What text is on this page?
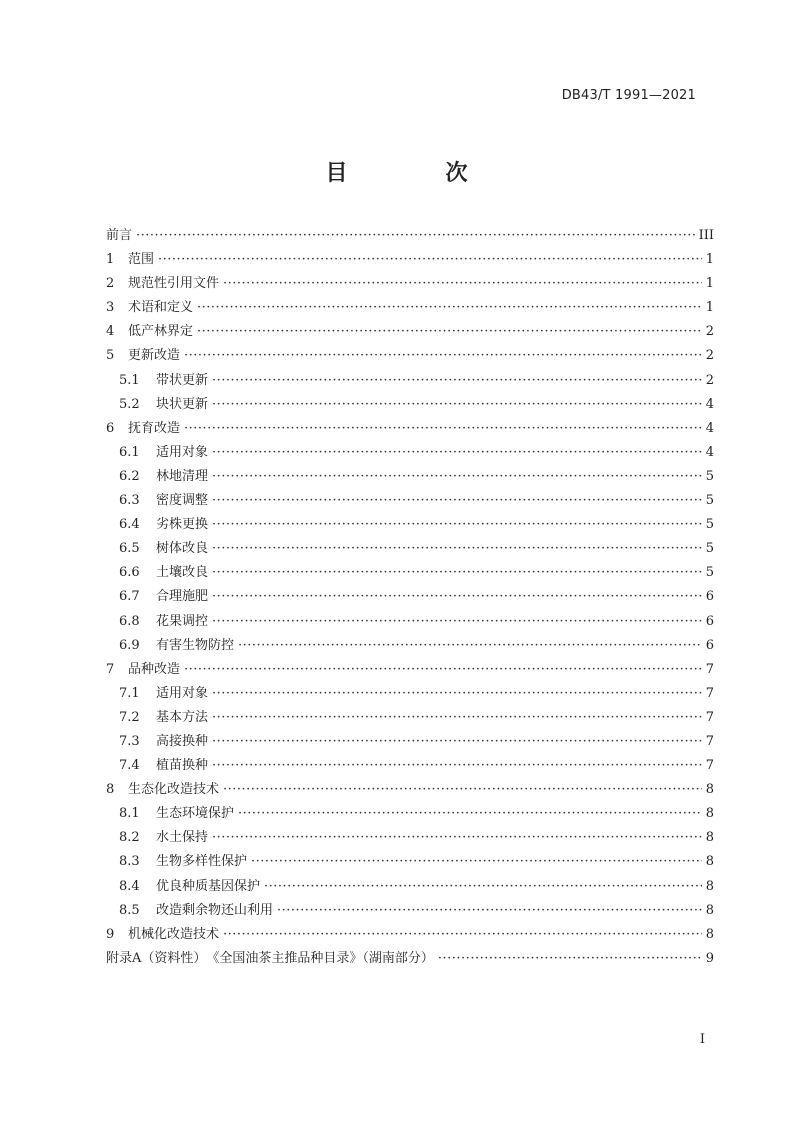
DB43/T 1991—2021
目　次
前言 ·····	III
1	范围 ·····	1
2	规范性引用文件 ·····	1
3	术语和定义 ·····	1
4	低产林界定 ·····	2
5	更新改造 ·····	2
5.1	带状更新 ·····	2
5.2	块状更新 ·····	4
6	抚育改造 ·····	4
6.1	适用对象 ·····	4
6.2	林地清理 ·····	5
6.3	密度调整 ·····	5
6.4	劣株更换 ·····	5
6.5	树体改良 ·····	5
6.6	土壤改良 ·····	5
6.7	合理施肥 ·····	6
6.8	花果调控 ·····	6
6.9	有害生物防控 ·····	6
7	品种改造 ·····	7
7.1	适用对象 ·····	7
7.2	基本方法 ·····	7
7.3	高接换种 ·····	7
7.4	植苗换种 ·····	7
8	生态化改造技术 ·····	8
8.1	生态环境保护 ·····	8
8.2	水土保持 ·····	8
8.3	生物多样性保护 ·····	8
8.4	优良种质基因保护 ·····	8
8.5	改造剩余物还山利用 ·····	8
9	机械化改造技术 ·····	8
附录A（资料性）　《全国油茶主推品种目录》（湖南部分） ·····	9
I
